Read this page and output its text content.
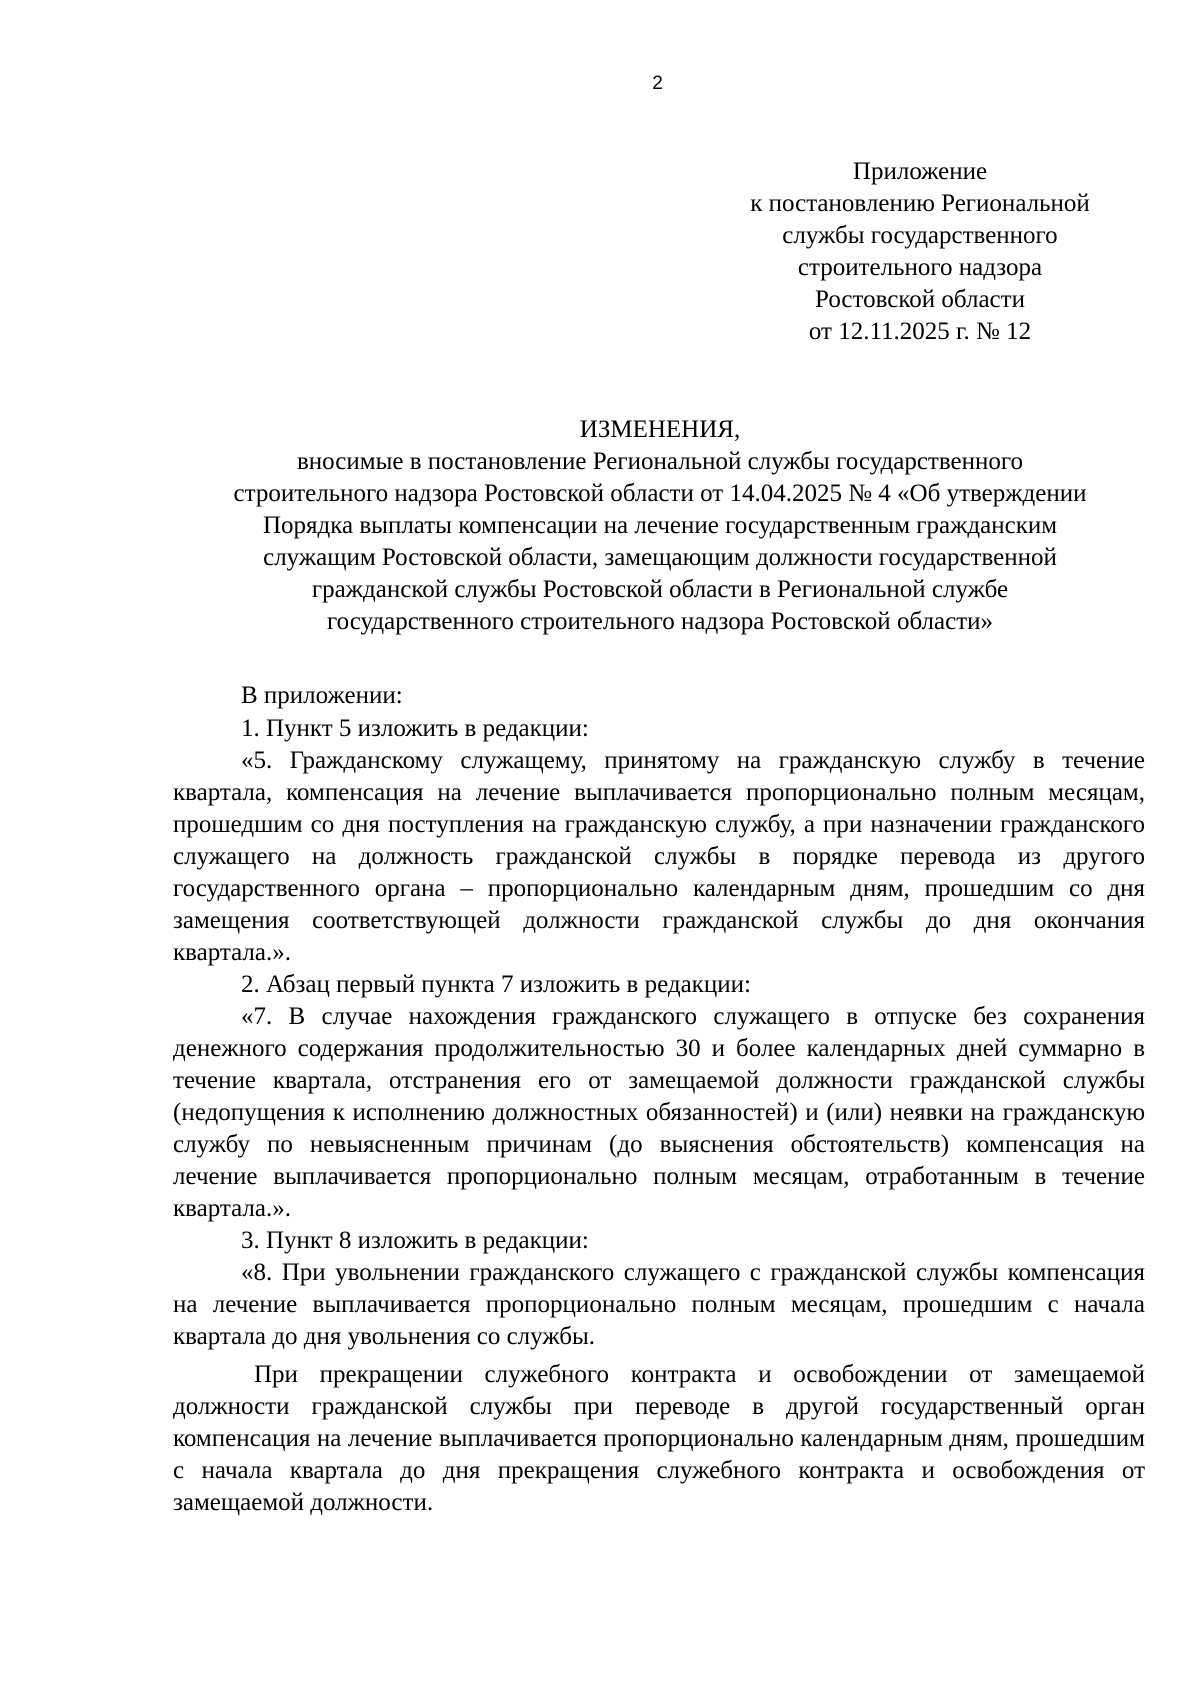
2
Приложение
к постановлению Региональной
службы государственного
строительного надзора
Ростовской области
от 12.11.2025 г. № 12
ИЗМЕНЕНИЯ,
вносимые в постановление Региональной службы государственного
строительного надзора Ростовской области от 14.04.2025 № 4 «Об утверждении
Порядка выплаты компенсации на лечение государственным гражданским
служащим Ростовской области, замещающим должности государственной
гражданской службы Ростовской области в Региональной службе
государственного строительного надзора Ростовской области»

В приложении:

1. Пункт 5 изложить в редакции:

«5. Гражданскому служащему, принятому на гражданскую службу в течение квартала, компенсация на лечение выплачивается пропорционально полным месяцам, прошедшим со дня поступления на гражданскую службу, а при назначении гражданского служащего на должность гражданской службы в порядке перевода из другого государственного органа – пропорционально календарным дням, прошедшим со дня замещения соответствующей должности гражданской службы до дня окончания квартала.».

2. Абзац первый пункта 7 изложить в редакции:

«7. В случае нахождения гражданского служащего в отпуске без сохранения денежного содержания продолжительностью 30 и более календарных дней суммарно в течение квартала, отстранения его от замещаемой должности гражданской службы (недопущения к исполнению должностных обязанностей) и (или) неявки на гражданскую службу по невыясненным причинам (до выяснения обстоятельств) компенсация на лечение выплачивается пропорционально полным месяцам, отработанным в течение квартала.».

3. Пункт 8 изложить в редакции:

«8. При увольнении гражданского служащего с гражданской службы компенсация на лечение выплачивается пропорционально полным месяцам, прошедшим с начала квартала до дня увольнения со службы.

При прекращении служебного контракта и освобождении от замещаемой должности гражданской службы при переводе в другой государственный орган компенсация на лечение выплачивается пропорционально календарным дням, прошедшим с начала квартала до дня прекращения служебного контракта и освобождения от замещаемой должности.
